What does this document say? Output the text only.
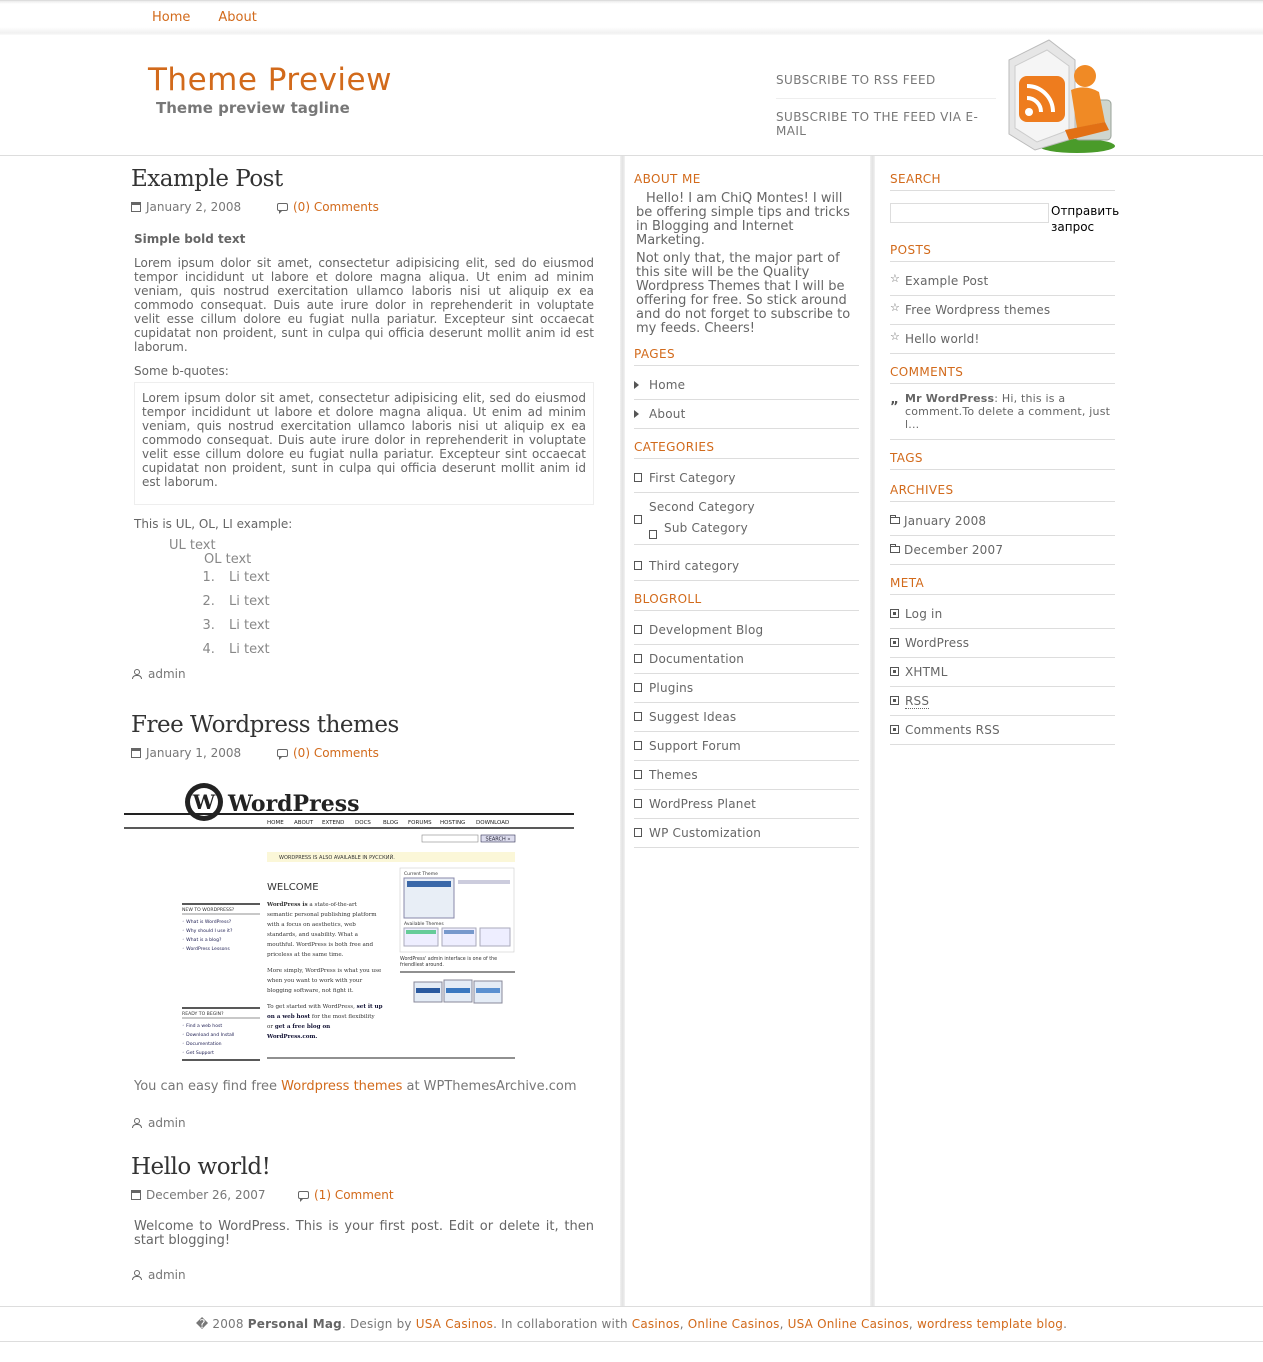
Home About
Theme Preview
Theme preview tagline
SUBSCRIBE TO RSS FEED
SUBSCRIBE TO THE FEED VIA E-MAIL
Example Post
January 2, 2008	(0) Comments

Simple bold text

Lorem ipsum dolor sit amet, consectetur adipisicing elit, sed do eiusmod tempor incididunt ut labore et dolore magna aliqua. Ut enim ad minim veniam, quis nostrud exercitation ullamco laboris nisi ut aliquip ex ea commodo consequat. Duis aute irure dolor in reprehenderit in voluptate velit esse cillum dolore eu fugiat nulla pariatur. Excepteur sint occaecat cupidatat non proident, sunt in culpa qui officia deserunt mollit anim id est laborum.

Some b-quotes:

Lorem ipsum dolor sit amet, consectetur adipisicing elit, sed do eiusmod tempor incididunt ut labore et dolore magna aliqua. Ut enim ad minim veniam, quis nostrud exercitation ullamco laboris nisi ut aliquip ex ea commodo consequat. Duis aute irure dolor in reprehenderit in voluptate velit esse cillum dolore eu fugiat nulla pariatur. Excepteur sint occaecat cupidatat non proident, sunt in culpa qui officia deserunt mollit anim id est laborum.

This is UL, OL, LI example:

UL text
OL text
1. Li text
2. Li text
3. Li text
4. Li text
admin
Free Wordpress themes
January 1, 2008	(0) Comments
W WordPress
HOME ABOUT EXTEND DOCS BLOG FORUMS HOSTING DOWNLOAD
SEARCH »
WORDPRESS IS ALSO AVAILABLE IN РУССКИЙ.
WELCOME
WordPress is a state-of-the-art
semantic personal publishing platform
with a focus on aesthetics, web
standards, and usability. What a
mouthful. WordPress is both free and
priceless at the same time.
More simply, WordPress is what you use
when you want to work with your
blogging software, not fight it.
To get started with WordPress, set it up
on a web host for the most flexibility
or get a free blog on
WordPress.com.
NEW TO WORDPRESS?
◦ What is WordPress?
◦ Why should I use it?
◦ What is a blog?
◦ WordPress Lessons
READY TO BEGIN?
◦ Find a web host
◦ Download and Install
◦ Documentation
◦ Get Support
Current Theme
Available Themes
WordPress' admin interface is one of the
friendliest around.

You can easy find free Wordpress themes at WPThemesArchive.com

admin
Hello world!
December 26, 2007	(1) Comment

Welcome to WordPress. This is your first post. Edit or delete it, then start blogging!

admin
ABOUT ME

Hello! I am ChiQ Montes! I will be offering simple tips and tricks in Blogging and Internet Marketing.

Not only that, the major part of this site will be the Quality Wordpress Themes that I will be offering for free. So stick around and do not forget to subscribe to my feeds. Cheers!

PAGES
Home
About
CATEGORIES
First Category
Second Category
Sub Category
Third category
BLOGROLL
Development Blog
Documentation
Plugins
Suggest Ideas
Support Forum
Themes
WordPress Planet
WP Customization
SEARCH
Отправить запрос
POSTS
☆ Example Post
☆ Free Wordpress themes
☆ Hello world!
COMMENTS
”
Mr WordPress: Hi, this is a comment.To delete a comment, just l...
TAGS
ARCHIVES
January 2008
December 2007
META
Log in
WordPress
XHTML
RSS
Comments RSS
� 2008 Personal Mag. Design by USA Casinos. In collaboration with Casinos, Online Casinos, USA Online Casinos, wordress template blog.
